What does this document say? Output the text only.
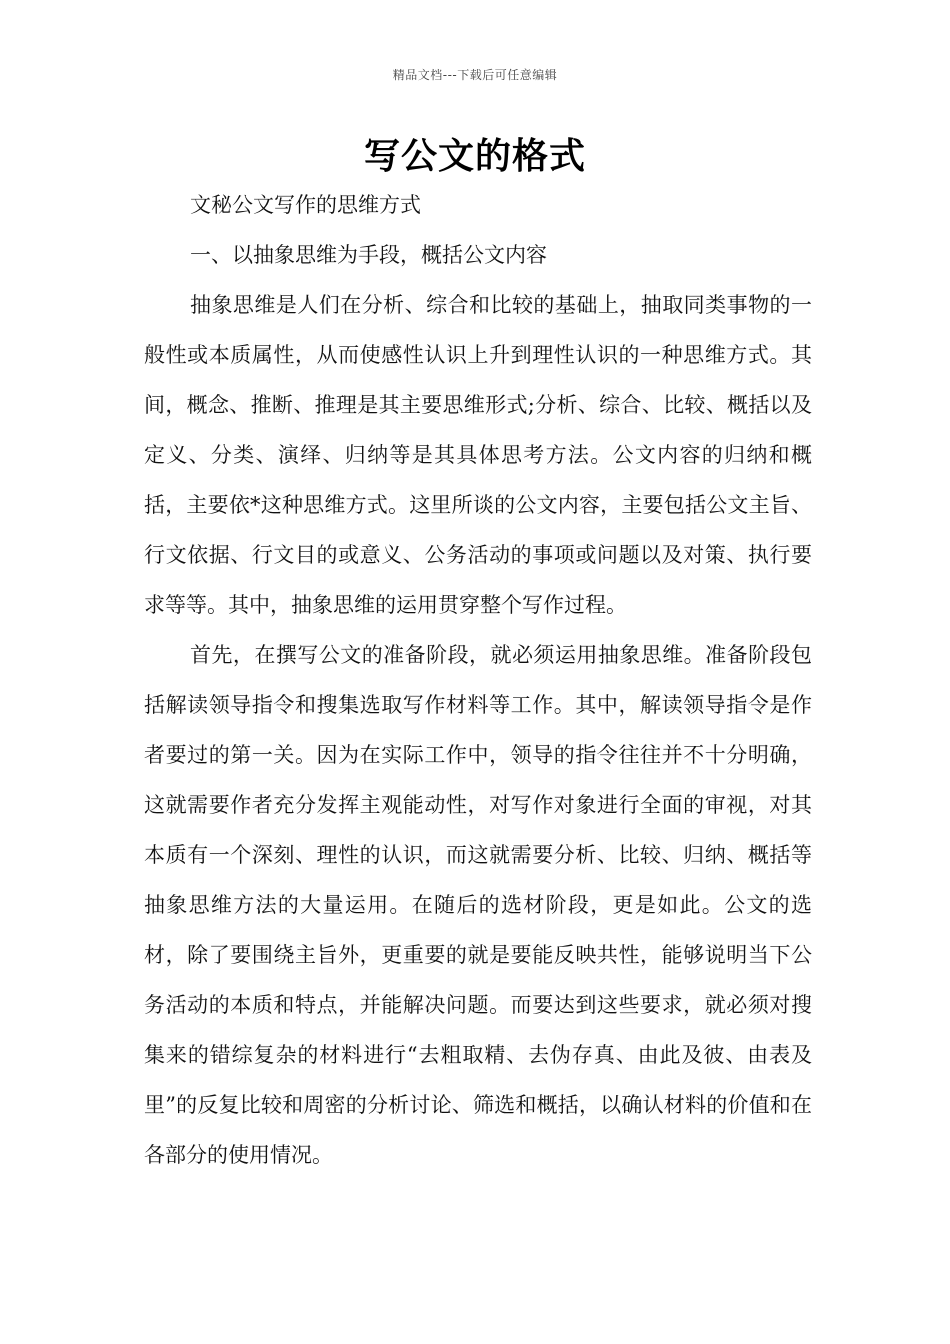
精品文档---下载后可任意编辑
写公文的格式

文秘公文写作的思维方式

一、以抽象思维为手段，概括公文内容

抽象思维是人们在分析、综合和比较的基础上，抽取同类事物的一般性或本质属性，从而使感性认识上升到理性认识的一种思维方式。其间，概念、推断、推理是其主要思维形式;分析、综合、比较、概括以及定义、分类、演绎、归纳等是其具体思考方法。公文内容的归纳和概括，主要依*这种思维方式。这里所谈的公文内容，主要包括公文主旨、行文依据、行文目的或意义、公务活动的事项或问题以及对策、执行要求等等。其中，抽象思维的运用贯穿整个写作过程。

首先，在撰写公文的准备阶段，就必须运用抽象思维。准备阶段包括解读领导指令和搜集选取写作材料等工作。其中，解读领导指令是作者要过的第一关。因为在实际工作中，领导的指令往往并不十分明确，这就需要作者充分发挥主观能动性，对写作对象进行全面的审视，对其本质有一个深刻、理性的认识，而这就需要分析、比较、归纳、概括等抽象思维方法的大量运用。在随后的选材阶段，更是如此。公文的选材，除了要围绕主旨外，更重要的就是要能反映共性，能够说明当下公务活动的本质和特点，并能解决问题。而要达到这些要求，就必须对搜集来的错综复杂的材料进行“去粗取精、去伪存真、由此及彼、由表及里”的反复比较和周密的分析讨论、筛选和概括，以确认材料的价值和在各部分的使用情况。
